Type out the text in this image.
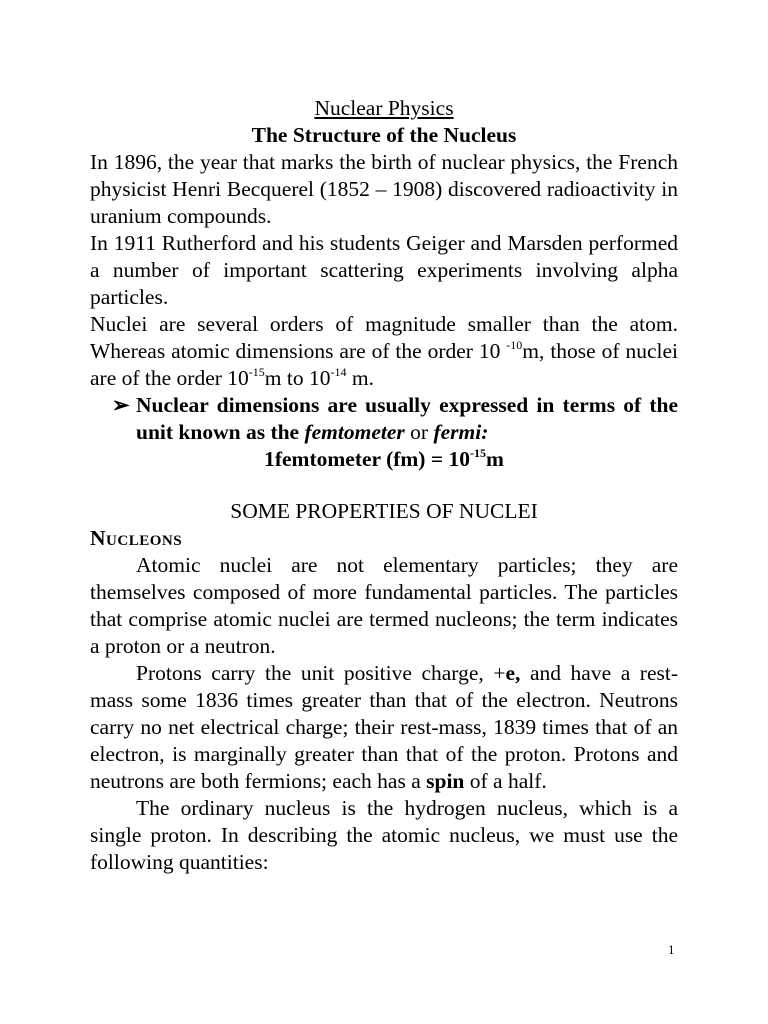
Nuclear Physics
The Structure of the Nucleus

In 1896, the year that marks the birth of nuclear physics, the French physicist Henri Becquerel (1852 – 1908) discovered radioactivity in uranium compounds.

In 1911 Rutherford and his students Geiger and Marsden performed a number of important scattering experiments involving alpha particles.

Nuclei are several orders of magnitude smaller than the atom. Whereas atomic dimensions are of the order 10 $^{-10}$m, those of nuclei are of the order $10^{-15}m$ to $10^{-14}$ m.

➢ Nuclear dimensions are usually expressed in terms of the unit known as the femtometer or fermi:
1femtometer $(fm) = 10^{-15}m$
SOME PROPERTIES OF NUCLEI
Nucleons

Atomic nuclei are not elementary particles; they are themselves composed of more fundamental particles. The particles that comprise atomic nuclei are termed nucleons; the term indicates a proton or a neutron.

Protons carry the unit positive charge, +e, and have a rest-mass some 1836 times greater than that of the electron. Neutrons carry no net electrical charge; their rest-mass, 1839 times that of an electron, is marginally greater than that of the proton. Protons and neutrons are both fermions; each has a spin of a half.

The ordinary nucleus is the hydrogen nucleus, which is a single proton. In describing the atomic nucleus, we must use the following quantities:

1
